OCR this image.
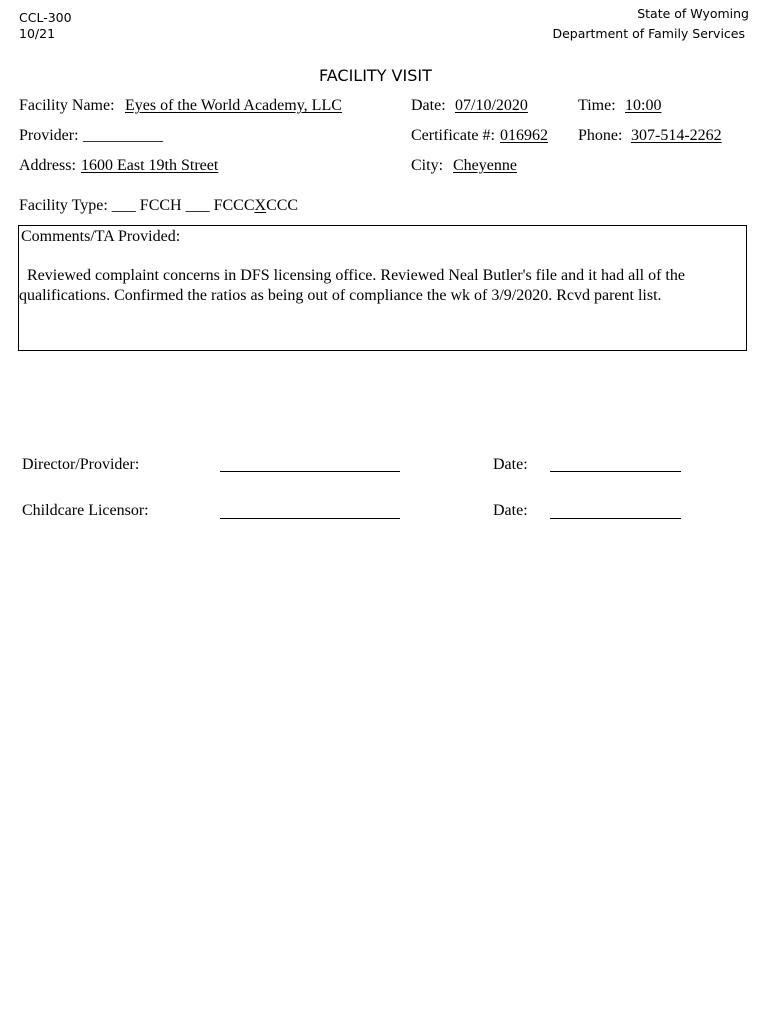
CCL-300
10/21
State of Wyoming
Department of Family Services
FACILITY VISIT
Facility Name: Eyes of the World Academy, LLC	Date: 07/10/2020	Time: 10:00
Provider: __________	Certificate #: 016962 Phone: 307-514-2262
Address: 1600 East 19th Street	City: Cheyenne
Facility Type: ___ FCCH ___ FCCCXCCC
Comments/TA Provided:
Reviewed complaint concerns in DFS licensing office. Reviewed Neal Butler's file and it had all of the qualifications. Confirmed the ratios as being out of compliance the wk of 3/9/2020. Rcvd parent list.
Director/Provider:	Date:
Childcare Licensor:	Date:
